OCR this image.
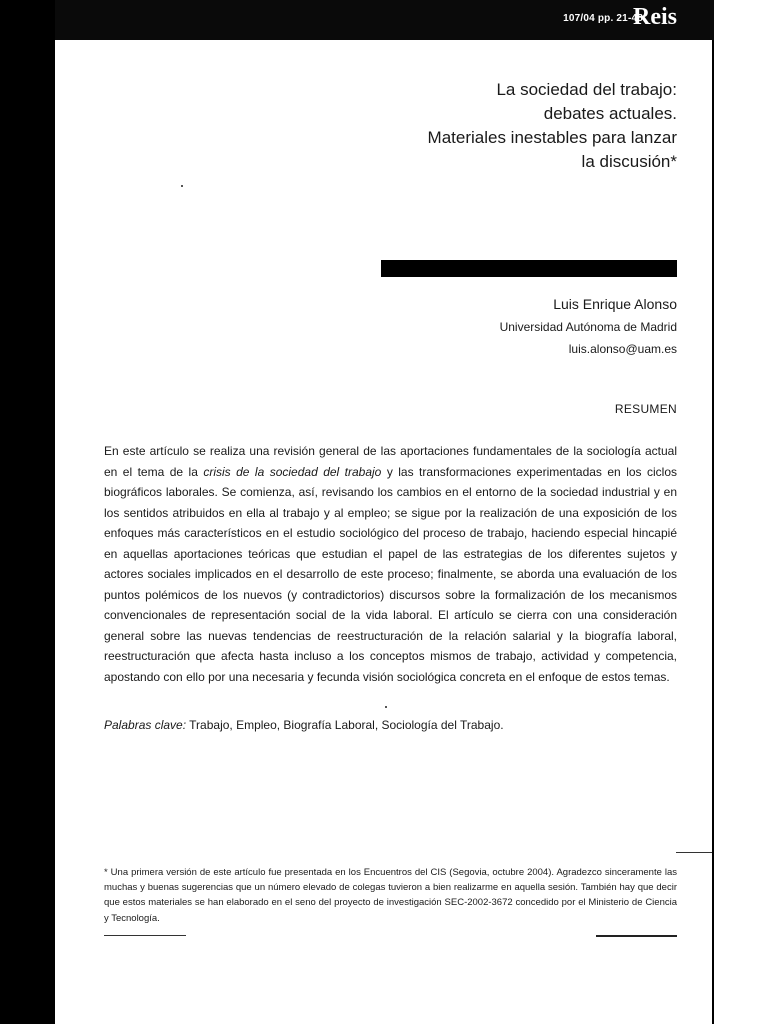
107/04 pp. 21-48
Reis
La sociedad del trabajo:
debates actuales.
Materiales inestables para lanzar
la discusión*
Luis Enrique Alonso
Universidad Autónoma de Madrid
luis.alonso@uam.es
RESUMEN

En este artículo se realiza una revisión general de las aportaciones fundamentales de la sociología actual en el tema de la crisis de la sociedad del trabajo y las transformaciones experimentadas en los ciclos biográficos laborales. Se comienza, así, revisando los cambios en el entorno de la sociedad industrial y en los sentidos atribuidos en ella al trabajo y al empleo; se sigue por la realización de una exposición de los enfoques más característicos en el estudio sociológico del proceso de trabajo, haciendo especial hincapié en aquellas aportaciones teóricas que estudian el papel de las estrategias de los diferentes sujetos y actores sociales implicados en el desarrollo de este proceso; finalmente, se aborda una evaluación de los puntos polémicos de los nuevos (y contradictorios) discursos sobre la formalización de los mecanismos convencionales de representación social de la vida laboral. El artículo se cierra con una consideración general sobre las nuevas tendencias de reestructuración de la relación salarial y la biografía laboral, reestructuración que afecta hasta incluso a los conceptos mismos de trabajo, actividad y competencia, apostando con ello por una necesaria y fecunda visión sociológica concreta en el enfoque de estos temas.

Palabras clave: Trabajo, Empleo, Biografía Laboral, Sociología del Trabajo.

* Una primera versión de este artículo fue presentada en los Encuentros del CIS (Segovia, octubre 2004). Agradezco sinceramente las muchas y buenas sugerencias que un número elevado de colegas tuvieron a bien realizarme en aquella sesión. También hay que decir que estos materiales se han elaborado en el seno del proyecto de investigación SEC-2002-3672 concedido por el Ministerio de Ciencia y Tecnología.
